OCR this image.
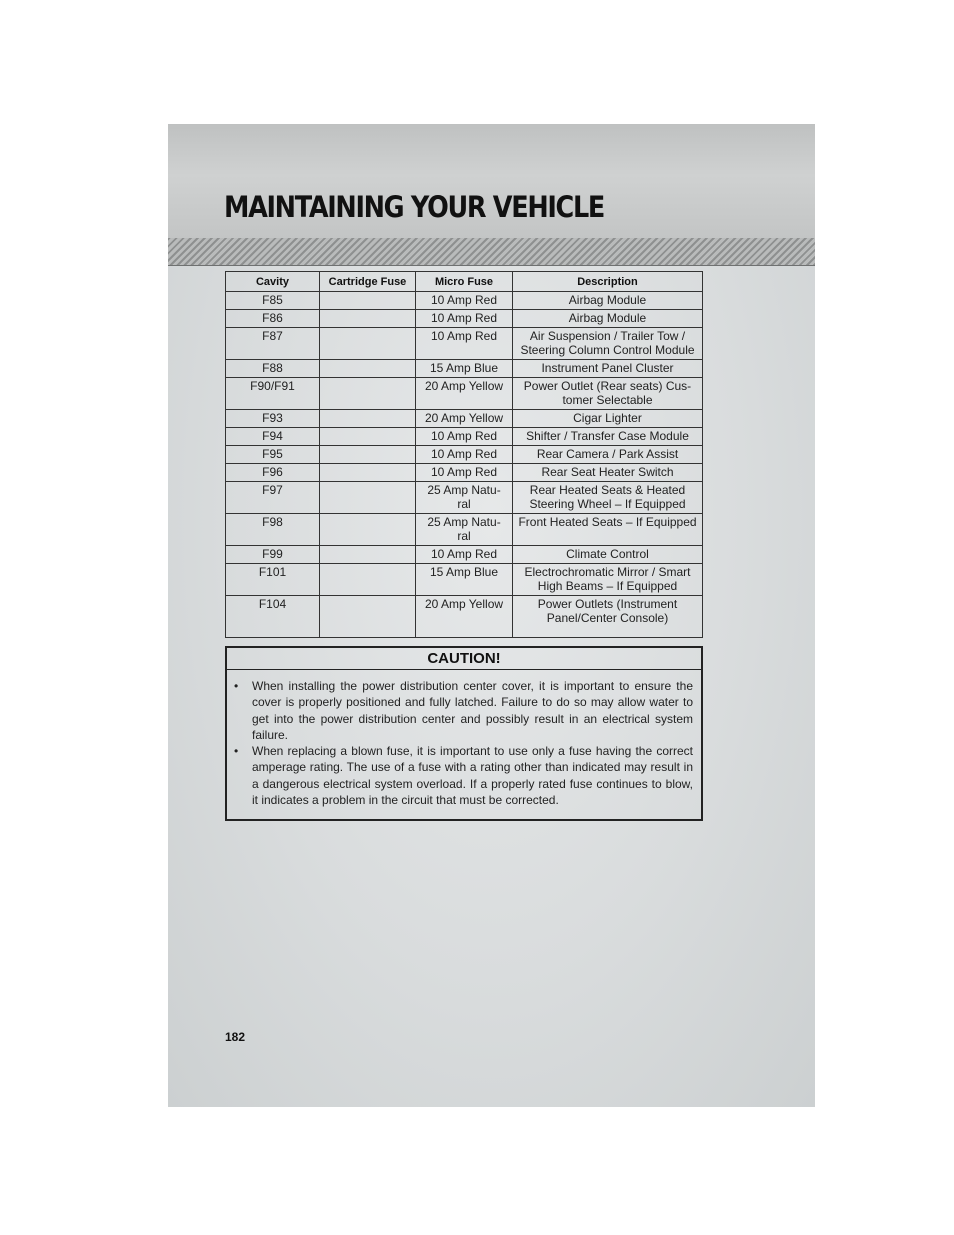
MAINTAINING YOUR VEHICLE
Cavity	Cartridge Fuse	Micro Fuse	Description
F85		10 Amp Red	Airbag Module
F86		10 Amp Red	Airbag Module
F87		10 Amp Red	Air Suspension / Trailer Tow / Steering Column Control Module
F88		15 Amp Blue	Instrument Panel Cluster
F90/F91		20 Amp Yellow	Power Outlet (Rear seats) Cus-tomer Selectable
F93		20 Amp Yellow	Cigar Lighter
F94		10 Amp Red	Shifter / Transfer Case Module
F95		10 Amp Red	Rear Camera / Park Assist
F96		10 Amp Red	Rear Seat Heater Switch
F97		25 Amp Natu-ral	Rear Heated Seats & Heated Steering Wheel – If Equipped
F98		25 Amp Natu-ral	Front Heated Seats – If Equipped
F99		10 Amp Red	Climate Control
F101		15 Amp Blue	Electrochromatic Mirror / Smart High Beams – If Equipped
F104		20 Amp Yellow	Power Outlets (Instrument Panel/Center Console)
CAUTION!
• When installing the power distribution center cover, it is important to ensure the cover is properly positioned and fully latched. Failure to do so may allow water to get into the power distribution center and possibly result in an electrical system failure.
• When replacing a blown fuse, it is important to use only a fuse having the correct amperage rating. The use of a fuse with a rating other than indicated may result in a dangerous electrical system overload. If a properly rated fuse continues to blow, it indicates a problem in the circuit that must be corrected.
182
